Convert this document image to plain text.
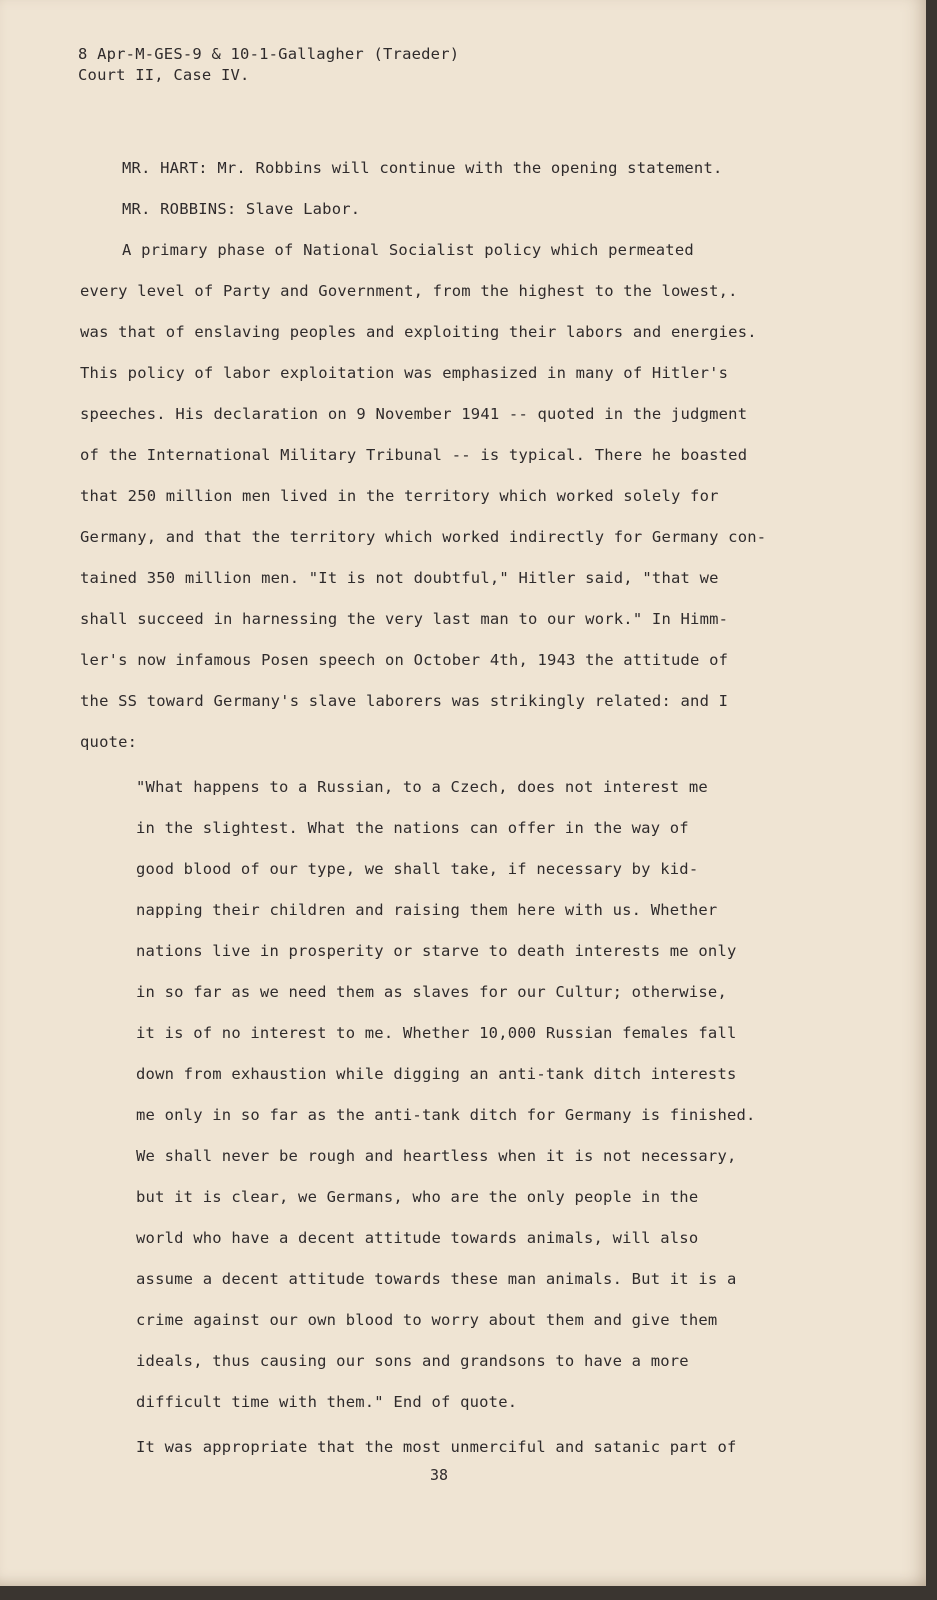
8 Apr-M-GES-9 & 10-1-Gallagher (Traeder)
Court II, Case IV.
MR. HART: Mr. Robbins will continue with the opening statement.
MR. ROBBINS: Slave Labor.
A primary phase of National Socialist policy which permeated
every level of Party and Government, from the highest to the lowest,.
was that of enslaving peoples and exploiting their labors and energies.
This policy of labor exploitation was emphasized in many of Hitler's
speeches. His declaration on 9 November 1941 -- quoted in the judgment
of the International Military Tribunal -- is typical. There he boasted
that 250 million men lived in the territory which worked solely for
Germany, and that the territory which worked indirectly for Germany con-
tained 350 million men. "It is not doubtful," Hitler said, "that we
shall succeed in harnessing the very last man to our work." In Himm-
ler's now infamous Posen speech on October 4th, 1943 the attitude of
the SS toward Germany's slave laborers was strikingly related: and I
quote:
"What happens to a Russian, to a Czech, does not interest me
in the slightest. What the nations can offer in the way of
good blood of our type, we shall take, if necessary by kid-
napping their children and raising them here with us. Whether
nations live in prosperity or starve to death interests me only
in so far as we need them as slaves for our Cultur; otherwise,
it is of no interest to me. Whether 10,000 Russian females fall
down from exhaustion while digging an anti-tank ditch interests
me only in so far as the anti-tank ditch for Germany is finished.
We shall never be rough and heartless when it is not necessary,
but it is clear, we Germans, who are the only people in the
world who have a decent attitude towards animals, will also
assume a decent attitude towards these man animals. But it is a
crime against our own blood to worry about them and give them
ideals, thus causing our sons and grandsons to have a more
difficult time with them." End of quote.
It was appropriate that the most unmerciful and satanic part of
38
